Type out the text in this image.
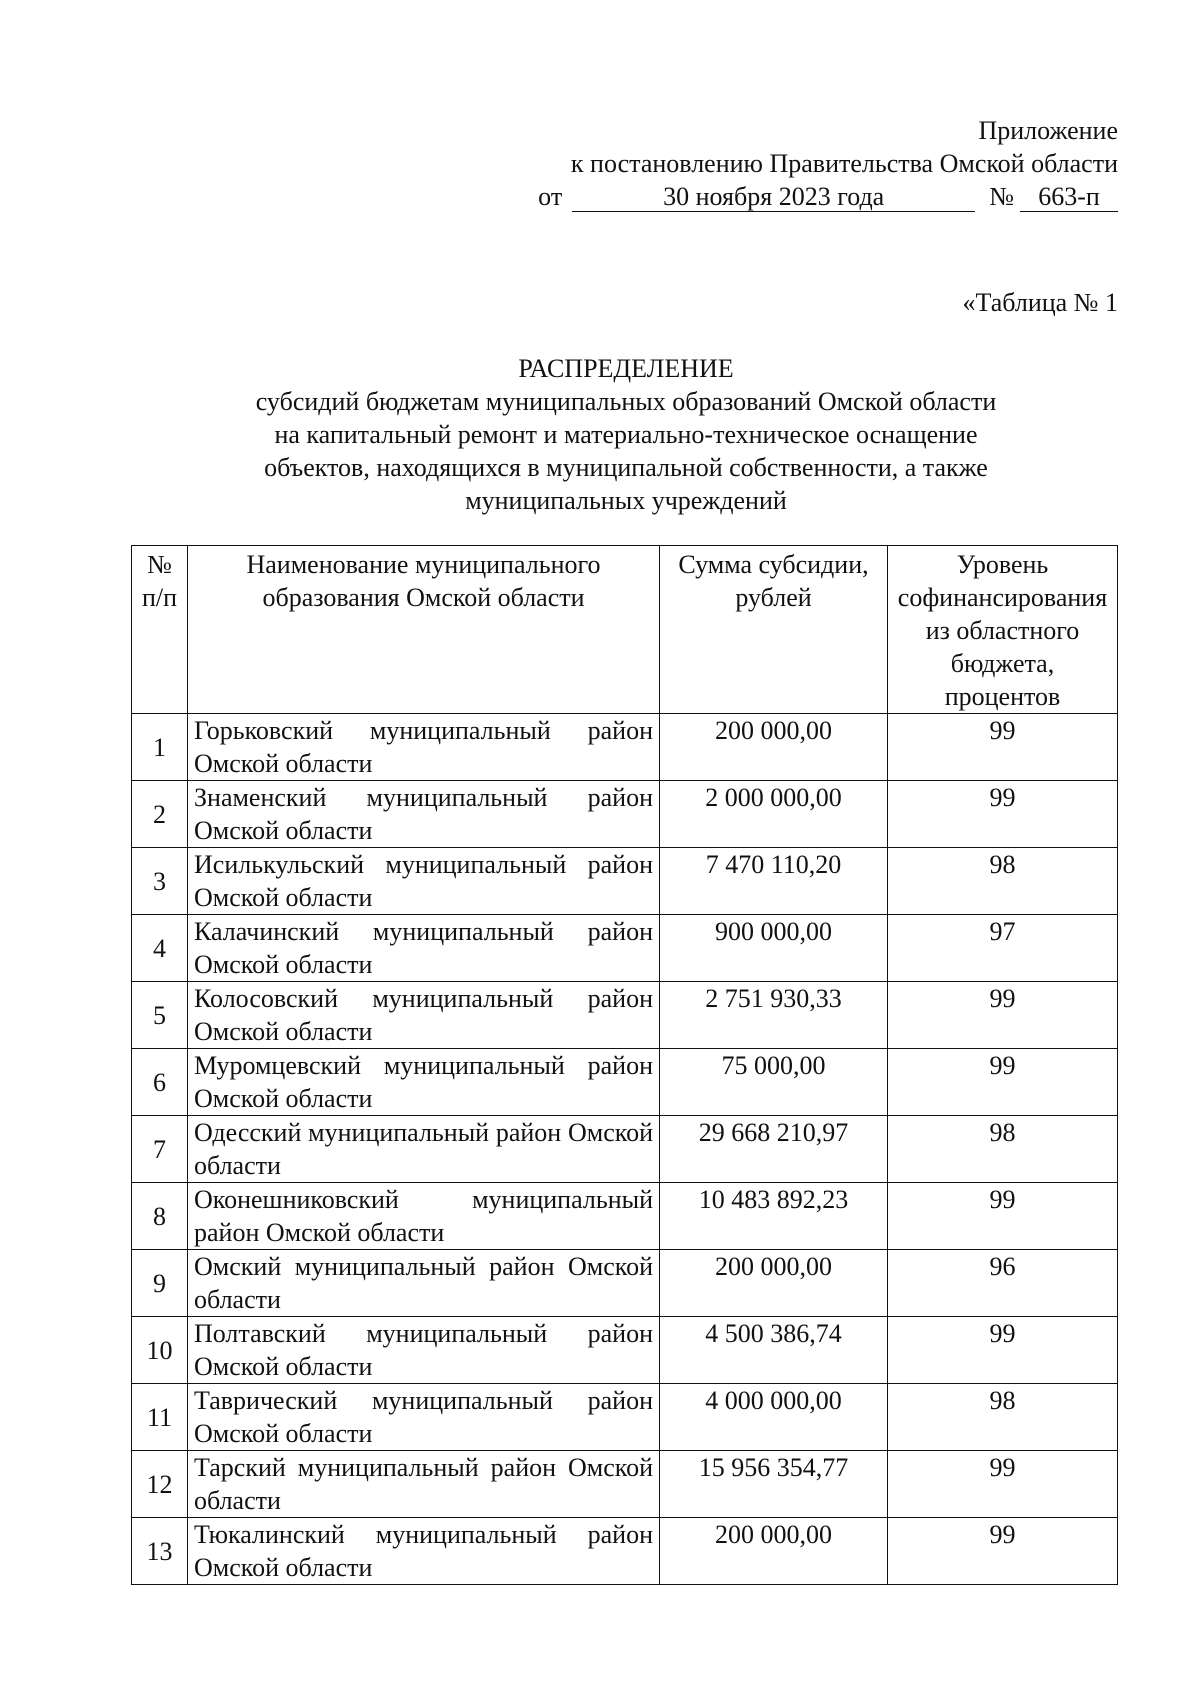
Приложение
к постановлению Правительства Омской области
от	30 ноября 2023 года	№ 663-п
«Таблица № 1
РАСПРЕДЕЛЕНИЕ
субсидий бюджетам муниципальных образований Омской области
на капитальный ремонт и материально-техническое оснащение
объектов, находящихся в муниципальной собственности, а также
муниципальных учреждений
№ п/п	Наименование муниципального образования Омской области	Сумма субсидии, рублей	Уровень софинансирования из областного бюджета, процентов
1	Горьковский муниципальный район Омской области	200 000,00	99
2	Знаменский муниципальный район Омской области	2 000 000,00	99
3	Исилькульский муниципальный район Омской области	7 470 110,20	98
4	Калачинский муниципальный район Омской области	900 000,00	97
5	Колосовский муниципальный район Омской области	2 751 930,33	99
6	Муромцевский муниципальный район Омской области	75 000,00	99
7	Одесский муниципальный район Омской области	29 668 210,97	98
8	Оконешниковский муниципальный район Омской области	10 483 892,23	99
9	Омский муниципальный район Омской области	200 000,00	96
10	Полтавский муниципальный район Омской области	4 500 386,74	99
11	Таврический муниципальный район Омской области	4 000 000,00	98
12	Тарский муниципальный район Омской области	15 956 354,77	99
13	Тюкалинский муниципальный район Омской области	200 000,00	99
